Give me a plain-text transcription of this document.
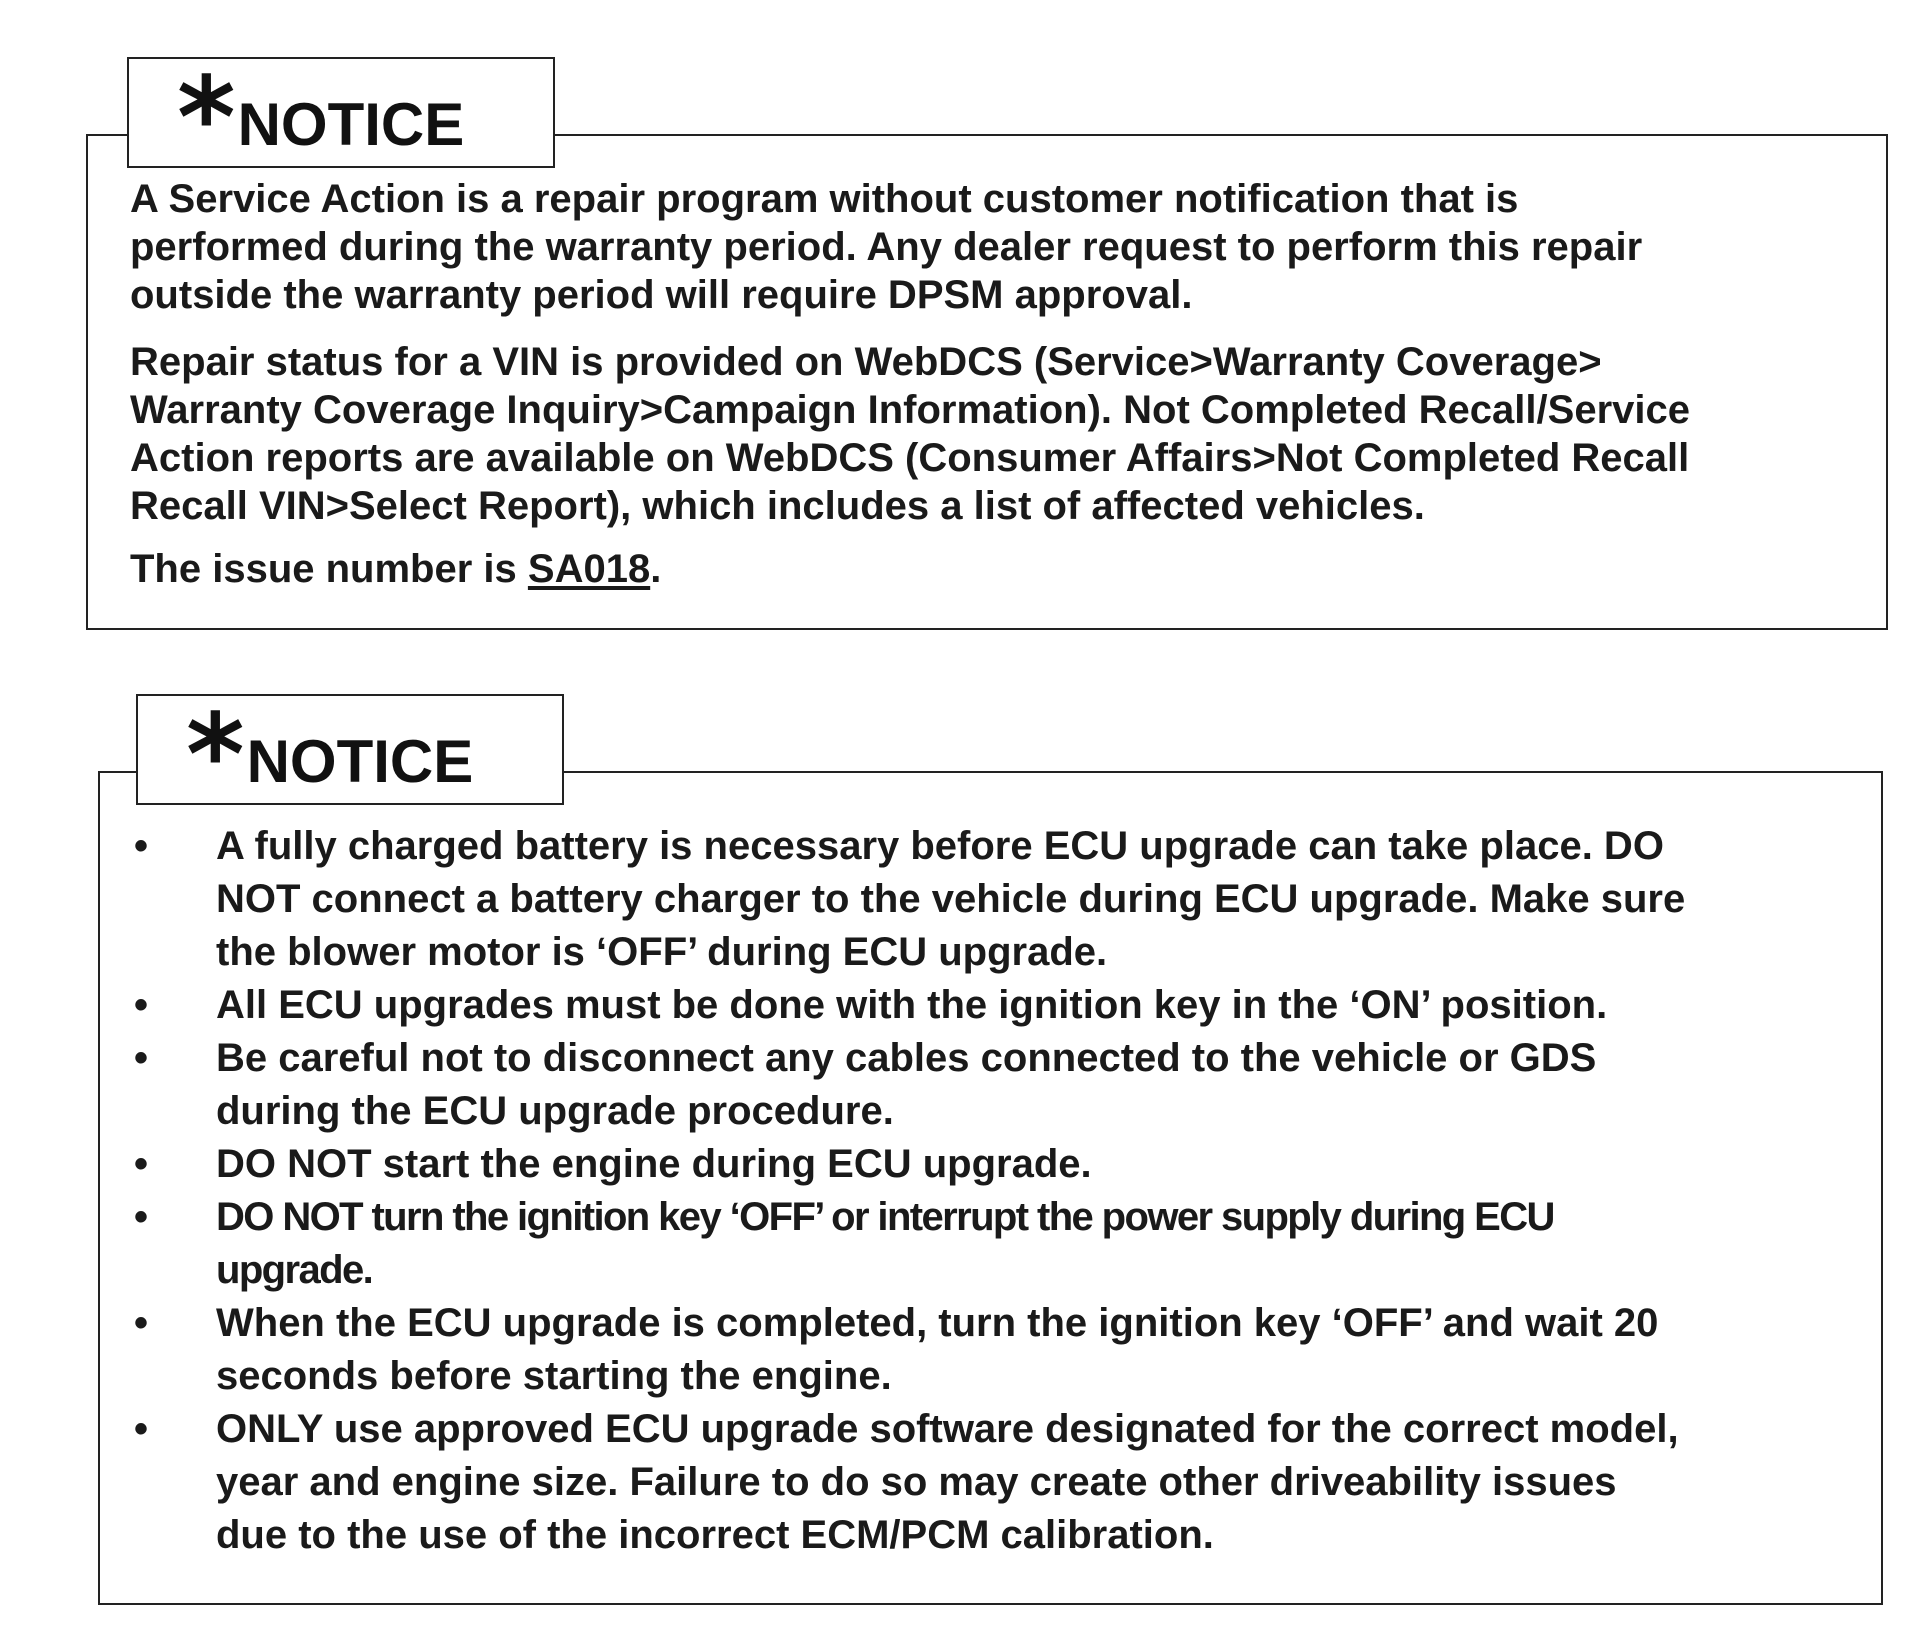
* NOTICE

A Service Action is a repair program without customer notification that is
performed during the warranty period. Any dealer request to perform this repair
outside the warranty period will require DPSM approval.

Repair status for a VIN is provided on WebDCS (Service>Warranty Coverage>
Warranty Coverage Inquiry>Campaign Information). Not Completed Recall/Service
Action reports are available on WebDCS (Consumer Affairs>Not Completed Recall
Recall VIN>Select Report), which includes a list of affected vehicles.

The issue number is SA018.

* NOTICE
• A fully charged battery is necessary before ECU upgrade can take place. DO
NOT connect a battery charger to the vehicle during ECU upgrade. Make sure
the blower motor is ‘OFF’ during ECU upgrade.
• All ECU upgrades must be done with the ignition key in the ‘ON’ position.
• Be careful not to disconnect any cables connected to the vehicle or GDS
during the ECU upgrade procedure.
• DO NOT start the engine during ECU upgrade.
• DO NOT turn the ignition key ‘OFF’ or interrupt the power supply during ECU
upgrade.
• When the ECU upgrade is completed, turn the ignition key ‘OFF’ and wait 20
seconds before starting the engine.
• ONLY use approved ECU upgrade software designated for the correct model,
year and engine size. Failure to do so may create other driveability issues
due to the use of the incorrect ECM/PCM calibration.
